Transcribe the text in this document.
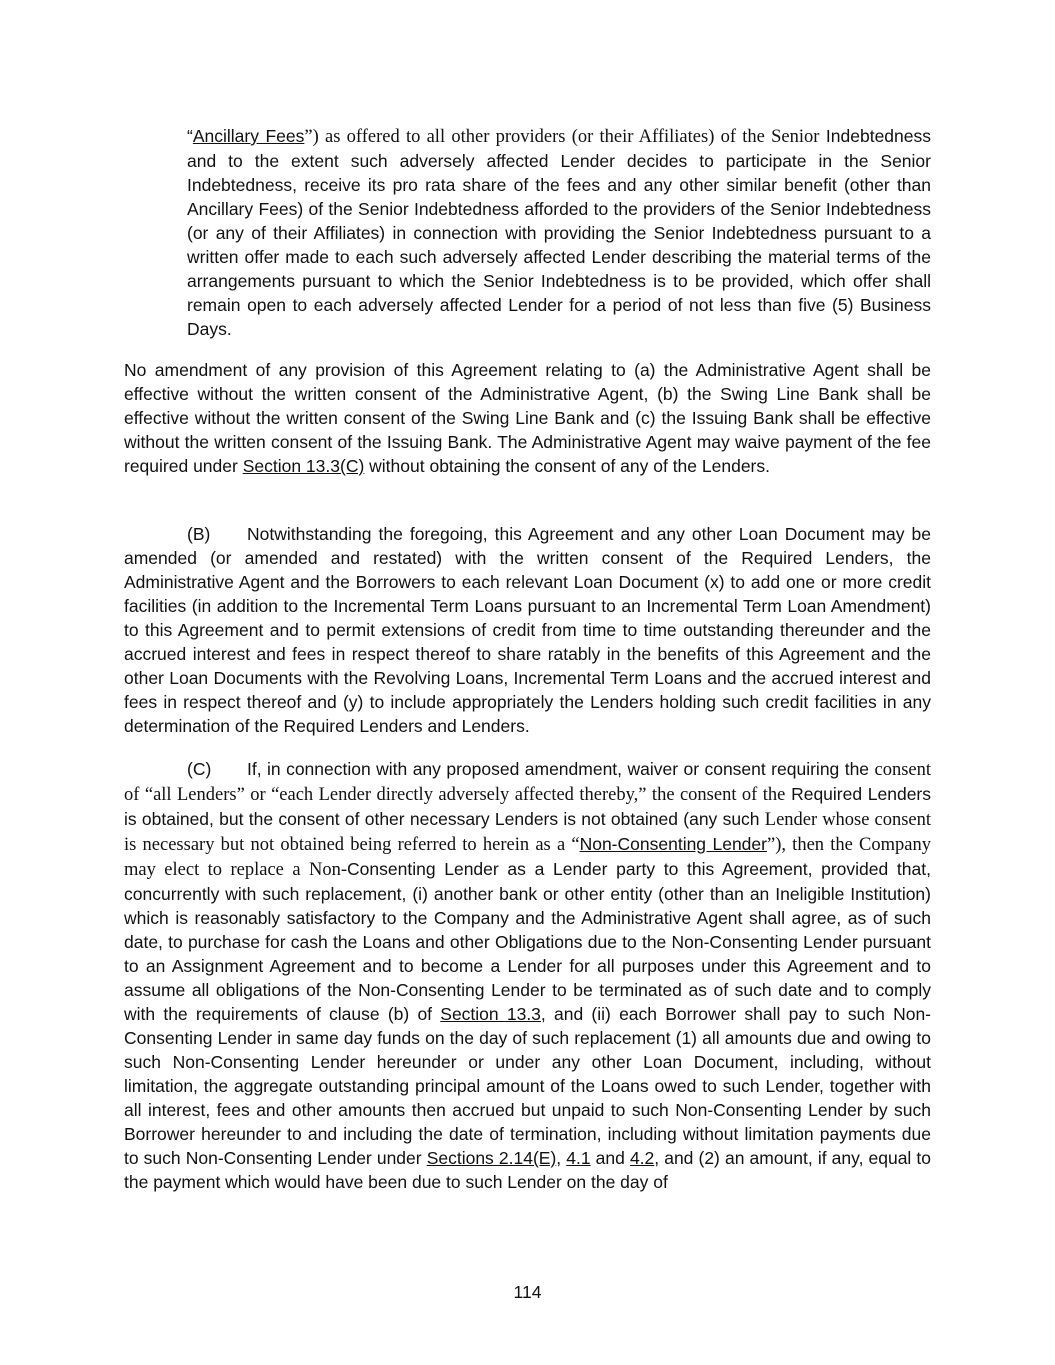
“Ancillary Fees”) as offered to all other providers (or their Affiliates) of the Senior Indebtedness and to the extent such adversely affected Lender decides to participate in the Senior Indebtedness, receive its pro rata share of the fees and any other similar benefit (other than Ancillary Fees) of the Senior Indebtedness afforded to the providers of the Senior Indebtedness (or any of their Affiliates) in connection with providing the Senior Indebtedness pursuant to a written offer made to each such adversely affected Lender describing the material terms of the arrangements pursuant to which the Senior Indebtedness is to be provided, which offer shall remain open to each adversely affected Lender for a period of not less than five (5) Business Days.

No amendment of any provision of this Agreement relating to (a) the Administrative Agent shall be effective without the written consent of the Administrative Agent, (b) the Swing Line Bank shall be effective without the written consent of the Swing Line Bank and (c) the Issuing Bank shall be effective without the written consent of the Issuing Bank. The Administrative Agent may waive payment of the fee required under Section 13.3(C) without obtaining the consent of any of the Lenders.

(B) Notwithstanding the foregoing, this Agreement and any other Loan Document may be amended (or amended and restated) with the written consent of the Required Lenders, the Administrative Agent and the Borrowers to each relevant Loan Document (x) to add one or more credit facilities (in addition to the Incremental Term Loans pursuant to an Incremental Term Loan Amendment) to this Agreement and to permit extensions of credit from time to time outstanding thereunder and the accrued interest and fees in respect thereof to share ratably in the benefits of this Agreement and the other Loan Documents with the Revolving Loans, Incremental Term Loans and the accrued interest and fees in respect thereof and (y) to include appropriately the Lenders holding such credit facilities in any determination of the Required Lenders and Lenders.

(C) If, in connection with any proposed amendment, waiver or consent requiring the consent of “all Lenders” or “each Lender directly adversely affected thereby,” the consent of the Required Lenders is obtained, but the consent of other necessary Lenders is not obtained (any such Lender whose consent is necessary but not obtained being referred to herein as a “Non-Consenting Lender”), then the Company may elect to replace a Non-Consenting Lender as a Lender party to this Agreement, provided that, concurrently with such replacement, (i) another bank or other entity (other than an Ineligible Institution) which is reasonably satisfactory to the Company and the Administrative Agent shall agree, as of such date, to purchase for cash the Loans and other Obligations due to the Non-Consenting Lender pursuant to an Assignment Agreement and to become a Lender for all purposes under this Agreement and to assume all obligations of the Non-Consenting Lender to be terminated as of such date and to comply with the requirements of clause (b) of Section 13.3, and (ii) each Borrower shall pay to such Non-Consenting Lender in same day funds on the day of such replacement (1) all amounts due and owing to such Non-Consenting Lender hereunder or under any other Loan Document, including, without limitation, the aggregate outstanding principal amount of the Loans owed to such Lender, together with all interest, fees and other amounts then accrued but unpaid to such Non-Consenting Lender by such Borrower hereunder to and including the date of termination, including without limitation payments due to such Non-Consenting Lender under Sections 2.14(E), 4.1 and 4.2, and (2) an amount, if any, equal to the payment which would have been due to such Lender on the day of

114
